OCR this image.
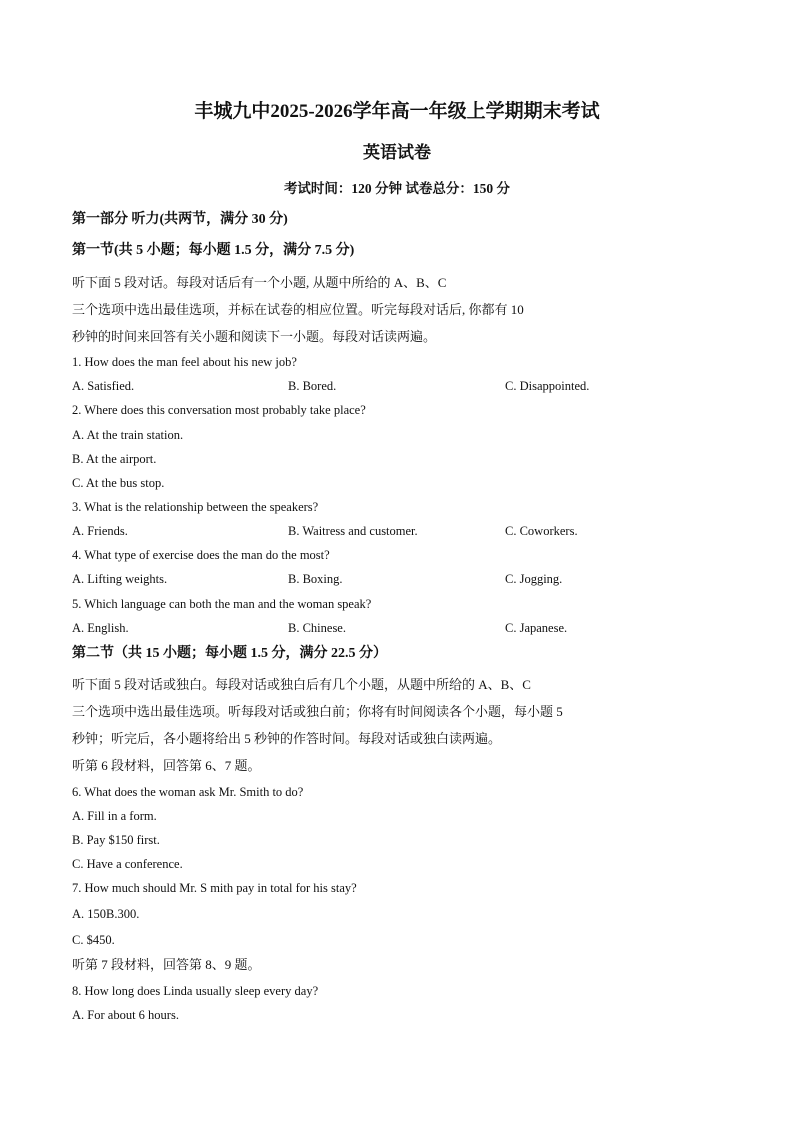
丰城九中2025-2026学年高一年级上学期期末考试
英语试卷
考试时间：120 分钟 试卷总分：150 分
第一部分 听力(共两节，满分 30 分)
第一节(共 5 小题；每小题 1.5 分，满分 7.5 分)
听下面 5 段对话。每段对话后有一个小题, 从题中所给的 A、B、C
三个选项中选出最佳选项，并标在试卷的相应位置。听完每段对话后, 你都有 10
秒钟的时间来回答有关小题和阅读下一小题。每段对话读两遍。
1. How does the man feel about his new job?
A. Satisfied.	B. Bored.	C. Disappointed.
2. Where does this conversation most probably take place?
A. At the train station.
B. At the airport.
C. At the bus stop.
3. What is the relationship between the speakers?
A. Friends.	B. Waitress and customer.	C. Coworkers.
4. What type of exercise does the man do the most?
A. Lifting weights.	B. Boxing.	C. Jogging.
5. Which language can both the man and the woman speak?
A. English.	B. Chinese.	C. Japanese.
第二节（共 15 小题；每小题 1.5 分，满分 22.5 分）
听下面 5 段对话或独白。每段对话或独白后有几个小题，从题中所给的 A、B、C
三个选项中选出最佳选项。听每段对话或独白前；你将有时间阅读各个小题，每小题 5
秒钟；听完后，各小题将给出 5 秒钟的作答时间。每段对话或独白读两遍。
听第 6 段材料，回答第 6、7 题。
6. What does the woman ask Mr. Smith to do?
A. Fill in a form.
B. Pay $150 first.
C. Have a conference.
7. How much should Mr. S mith pay in total for his stay?
A. 150B.300.
C. $450.
听第 7 段材料，回答第 8、9 题。
8. How long does Linda usually sleep every day?
A. For about 6 hours.
